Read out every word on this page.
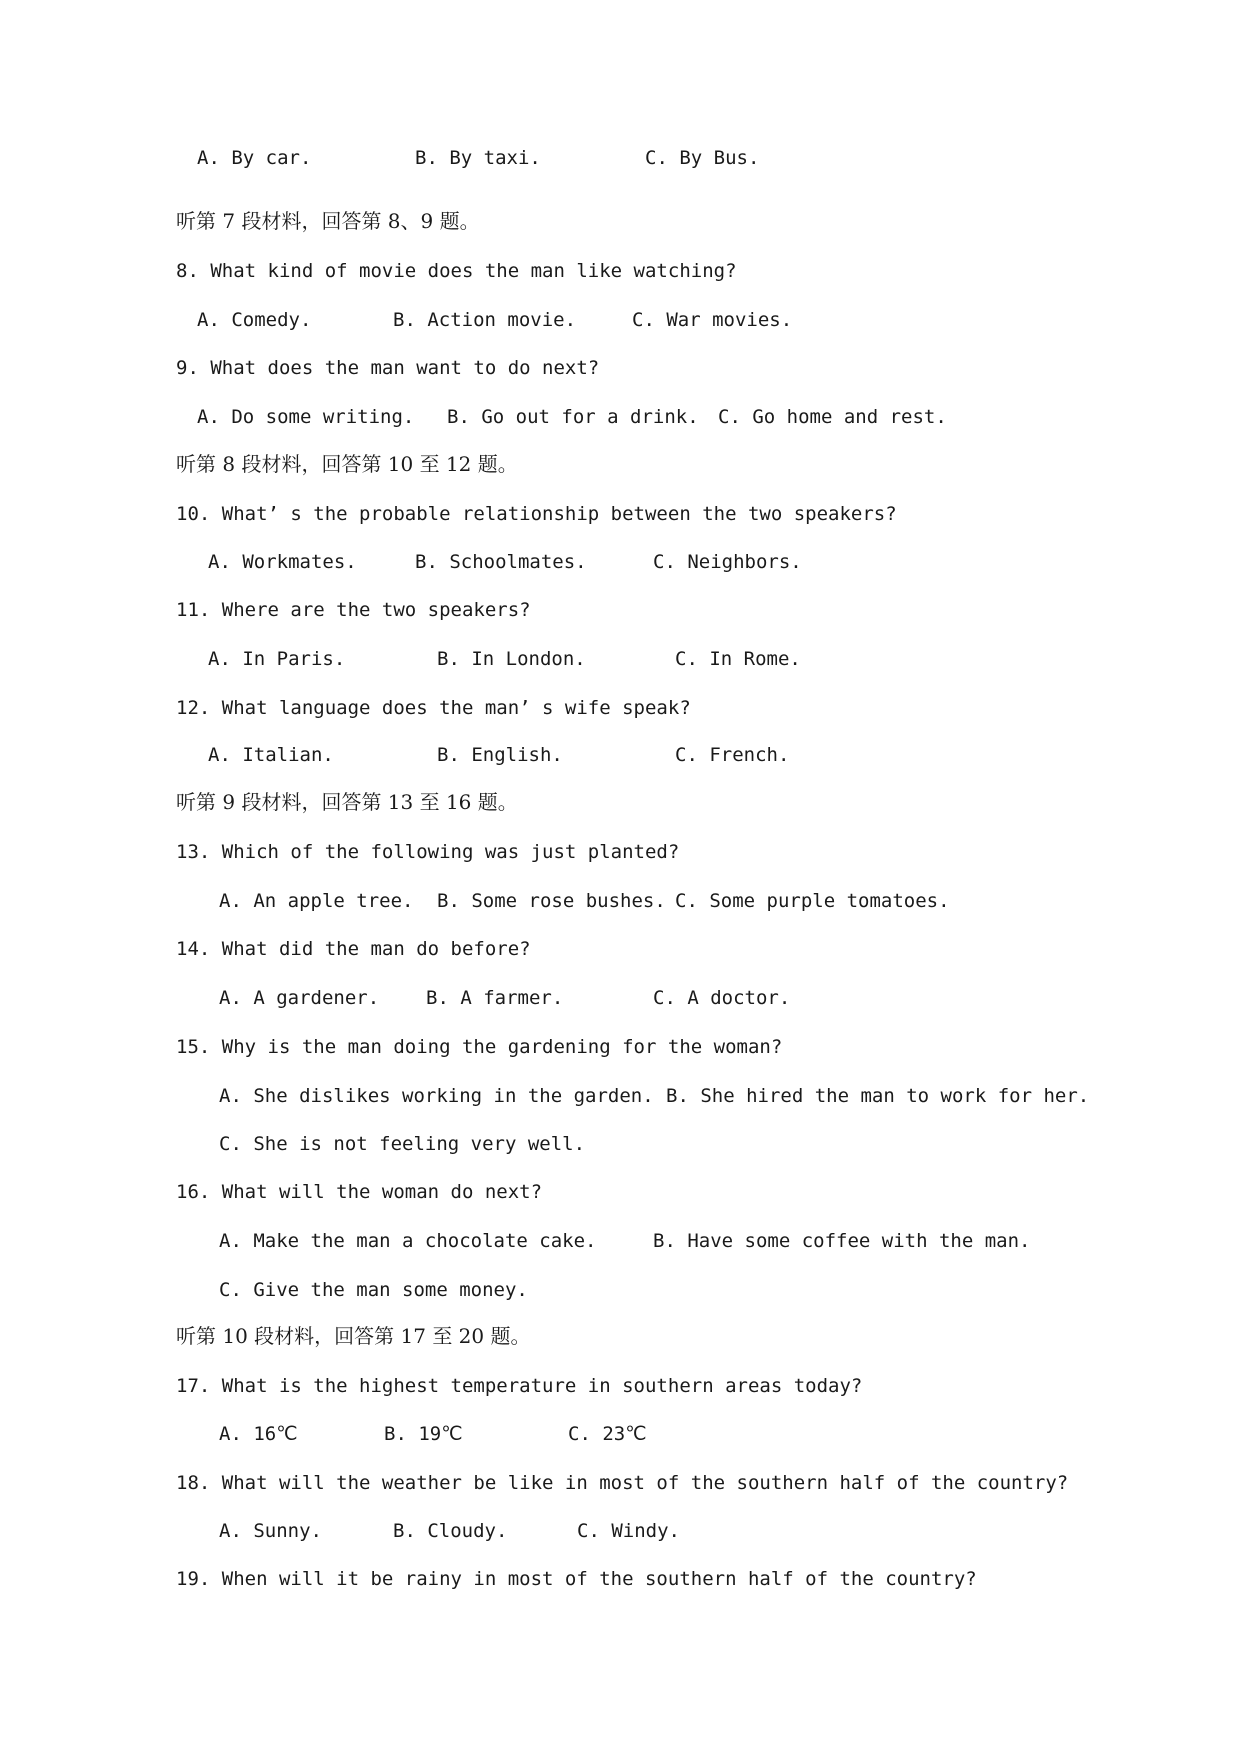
A. By car.	B. By taxi.	C. By Bus.
听第 7 段材料，回答第 8、9 题。
8. What kind of movie does the man like watching?
A. Comedy.	B. Action movie.	C. War movies.
9. What does the man want to do next?
A. Do some writing. B. Go out for a drink. C. Go home and rest.
听第 8 段材料，回答第 10 至 12 题。
10. What’ s the probable relationship between the two speakers?
A. Workmates.	B. Schoolmates.	C. Neighbors.
11. Where are the two speakers?
A. In Paris.	B. In London.	C. In Rome.
12. What language does the man’ s wife speak?
A. Italian.	B. English.	C. French.
听第 9 段材料，回答第 13 至 16 题。
13. Which of the following was just planted?
A. An apple tree. B. Some rose bushes. C. Some purple tomatoes.
14. What did the man do before?
A. A gardener. B. A farmer.	C. A doctor.
15. Why is the man doing the gardening for the woman?
A. She dislikes working in the garden. B. She hired the man to work for her.
C. She is not feeling very well.
16. What will the woman do next?
A. Make the man a chocolate cake.	B. Have some coffee with the man.
C. Give the man some money.
听第 10 段材料，回答第 17 至 20 题。
17. What is the highest temperature in southern areas today?
A. 16℃	B. 19℃	C. 23℃
18. What will the weather be like in most of the southern half of the country?
A. Sunny.	B. Cloudy.	C. Windy.
19. When will it be rainy in most of the southern half of the country?
